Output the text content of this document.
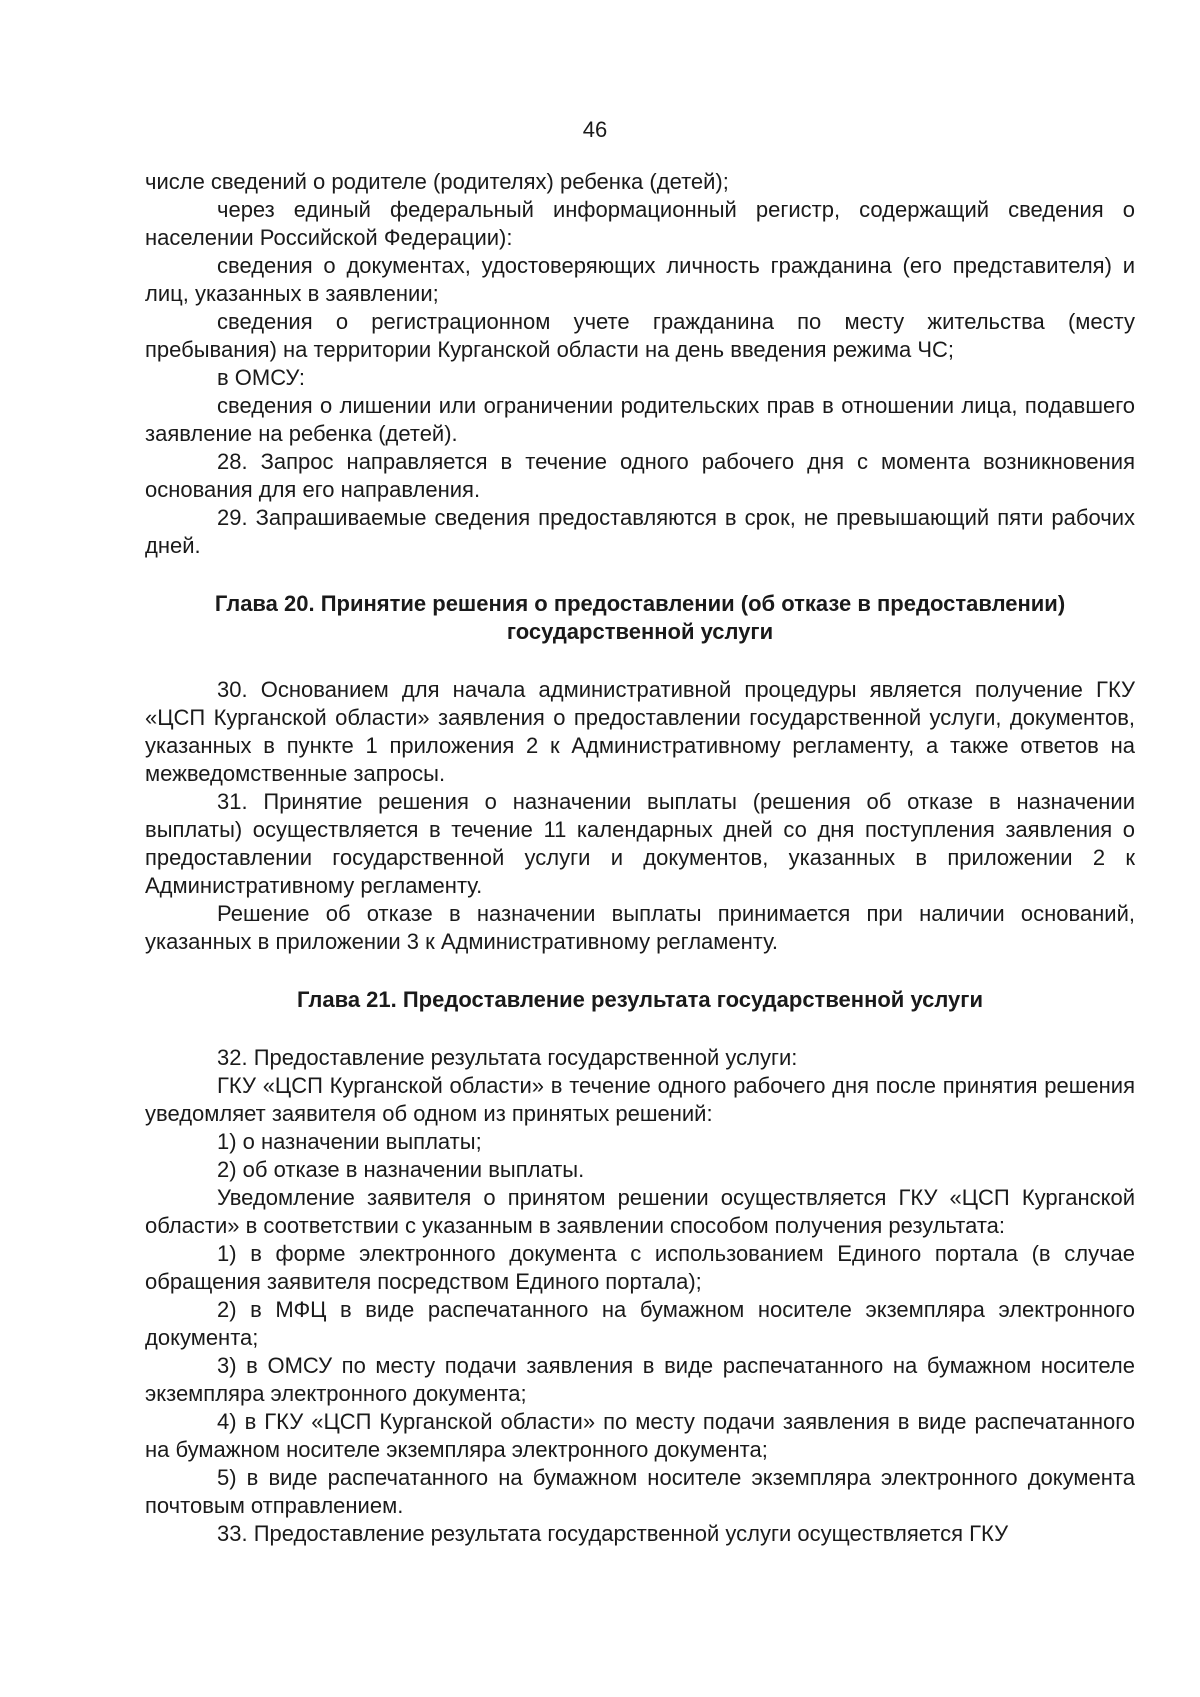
46

числе сведений о родителе (родителях) ребенка (детей);

через единый федеральный информационный регистр, содержащий сведения о населении Российской Федерации):

сведения о документах, удостоверяющих личность гражданина (его представителя) и лиц, указанных в заявлении;

сведения о регистрационном учете гражданина по месту жительства (месту пребывания) на территории Курганской области на день введения режима ЧС;

в ОМСУ:

сведения о лишении или ограничении родительских прав в отношении лица, подавшего заявление на ребенка (детей).

28. Запрос направляется в течение одного рабочего дня с момента возникновения основания для его направления.

29. Запрашиваемые сведения предоставляются в срок, не превышающий пяти рабочих дней.

Глава 20. Принятие решения о предоставлении (об отказе в предоставлении)
государственной услуги

30. Основанием для начала административной процедуры является получение ГКУ «ЦСП Курганской области» заявления о предоставлении государственной услуги, документов, указанных в пункте 1 приложения 2 к Административному регламенту, а также ответов на межведомственные запросы.

31. Принятие решения о назначении выплаты (решения об отказе в назначении выплаты) осуществляется в течение 11 календарных дней со дня поступления заявления о предоставлении государственной услуги и документов, указанных в приложении 2 к Административному регламенту.

Решение об отказе в назначении выплаты принимается при наличии оснований, указанных в приложении 3 к Административному регламенту.

Глава 21. Предоставление результата государственной услуги

32. Предоставление результата государственной услуги:

ГКУ «ЦСП Курганской области» в течение одного рабочего дня после принятия решения уведомляет заявителя об одном из принятых решений:

1) о назначении выплаты;

2) об отказе в назначении выплаты.

Уведомление заявителя о принятом решении осуществляется ГКУ «ЦСП Курганской области» в соответствии с указанным в заявлении способом получения результата:

1) в форме электронного документа с использованием Единого портала (в случае обращения заявителя посредством Единого портала);

2) в МФЦ в виде распечатанного на бумажном носителе экземпляра электронного документа;

3) в ОМСУ по месту подачи заявления в виде распечатанного на бумажном носителе экземпляра электронного документа;

4) в ГКУ «ЦСП Курганской области» по месту подачи заявления в виде распечатанного на бумажном носителе экземпляра электронного документа;

5) в виде распечатанного на бумажном носителе экземпляра электронного документа почтовым отправлением.

33. Предоставление результата государственной услуги осуществляется ГКУ
